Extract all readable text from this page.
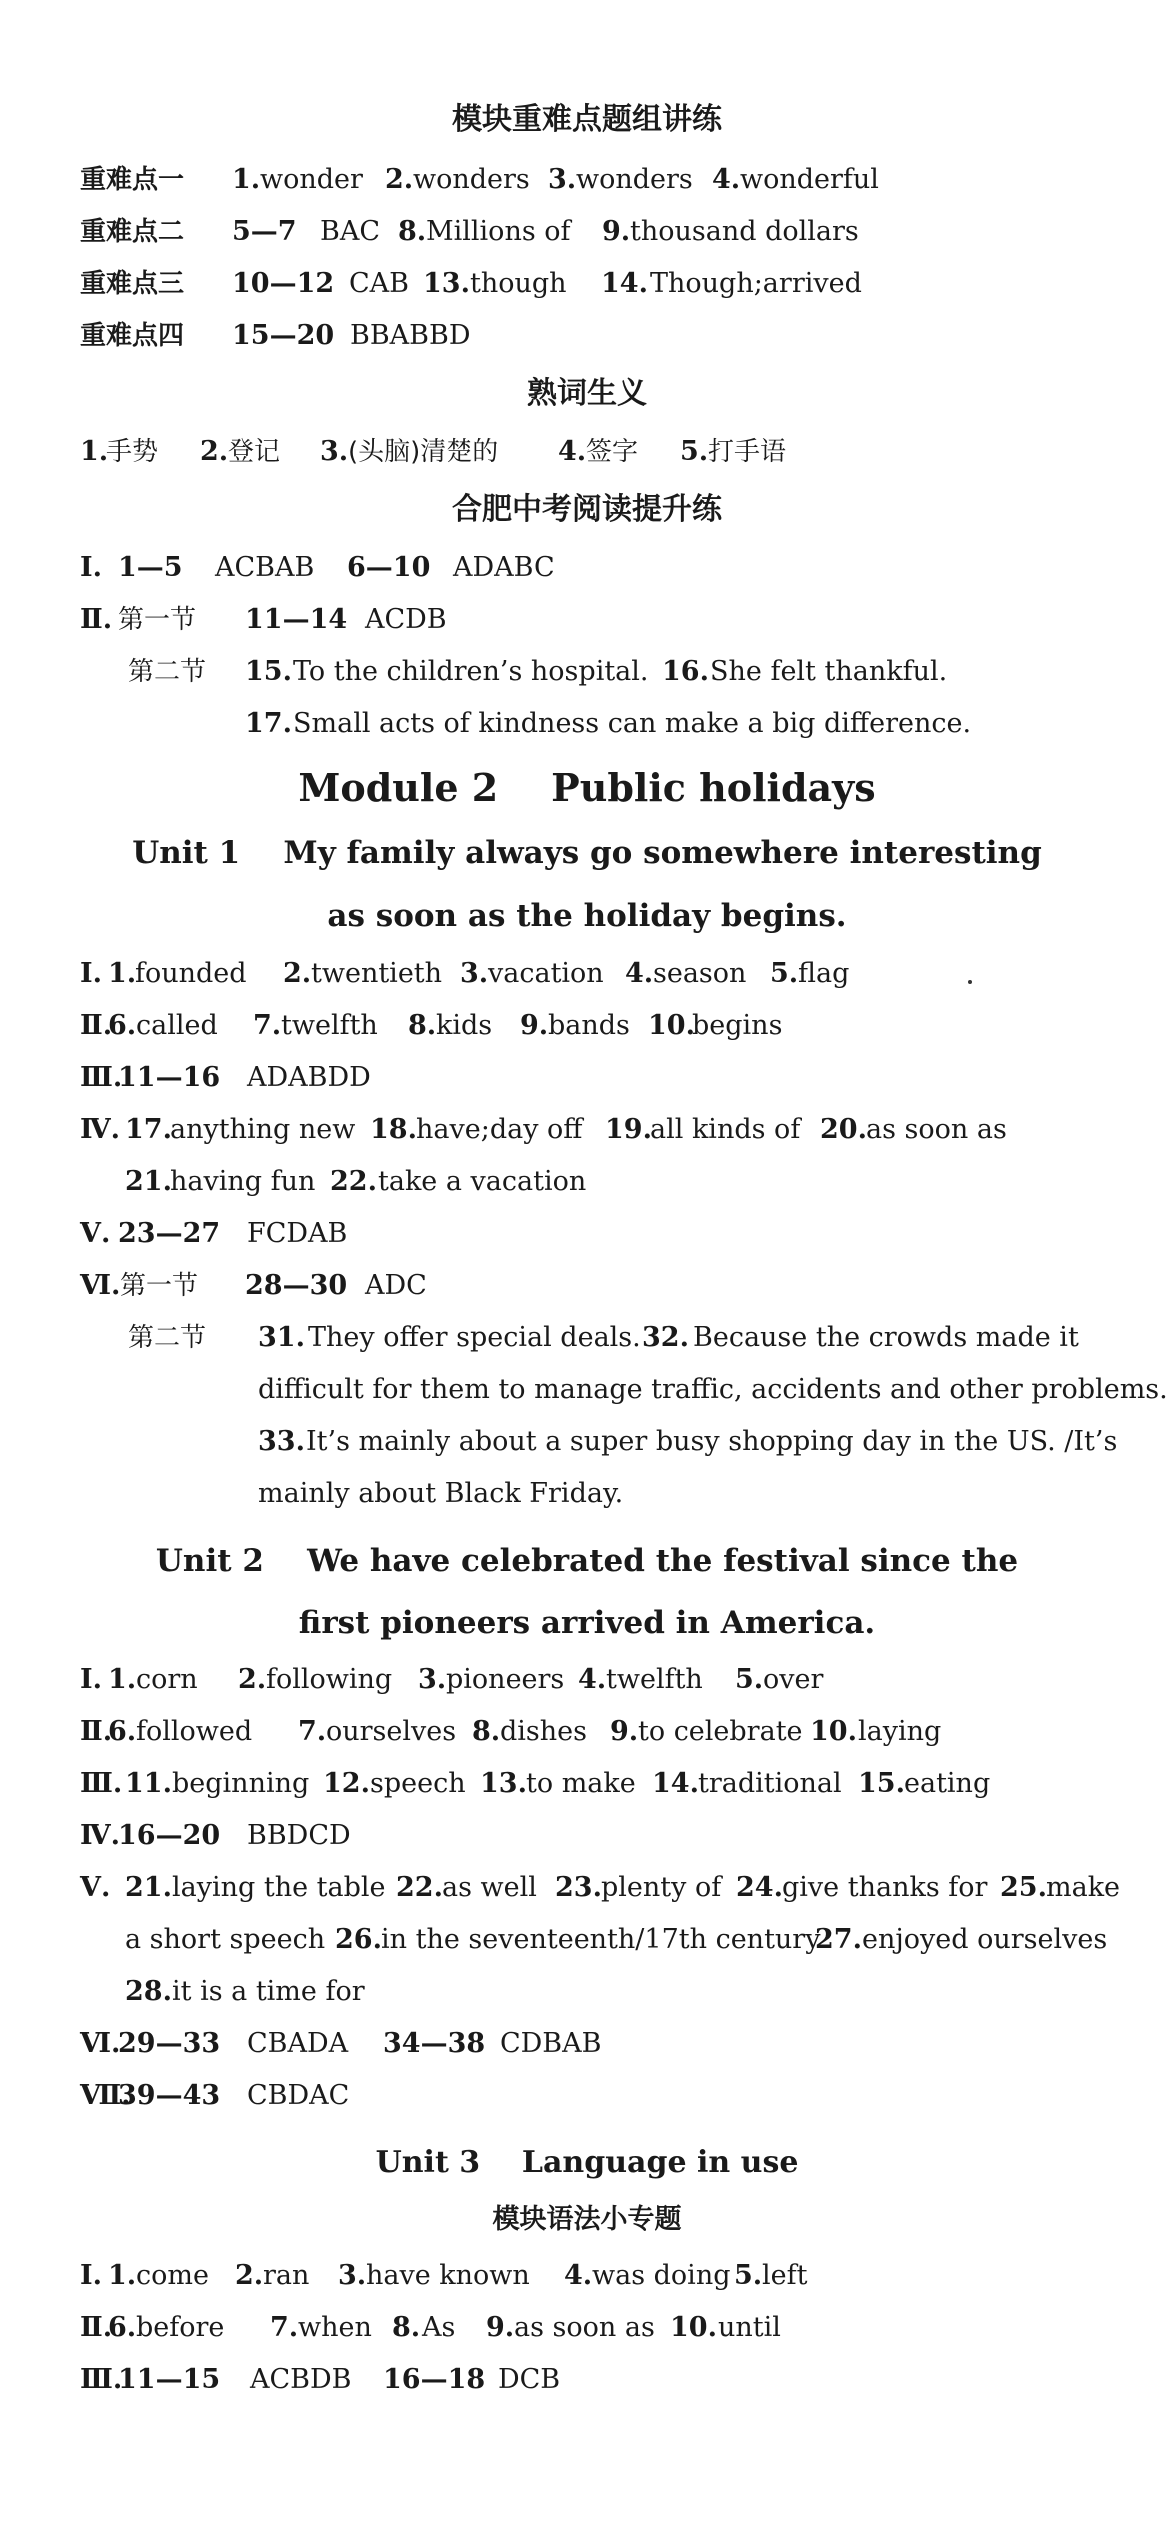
模块重难点题组讲练
重难点一 1. wonder 2. wonders 3. wonders 4. wonderful
重难点二 5—7 BAC 8. Millions of 9. thousand dollars
重难点三 10—12 CAB 13. though 14. Though;arrived
重难点四 15—20 BBABBD
熟词生义
1.
手势 2. 登记 3. (头脑)清楚的 4. 签字 5. 打手语
合肥中考阅读提升练
Ⅰ. 1—5 ACBAB 6—10 ADABC
Ⅱ. 第一节 11—14 ACDB
第二节 15. To the children’s hospital. 16. She felt thankful.
17. Small acts of kindness can make a big difference.
Module 2    Public holidays
Unit 1    My family always go somewhere interesting
as soon as the holiday begins.
Ⅰ. 1.
founded 2. twentieth 3. vacation 4. season 5. flag
Ⅱ.
6. called 7. twelfth 8. kids 9. bands 10.
begins
Ⅲ.
11—16 ADABDD
Ⅳ. 17.
anything new 18. have;day off 19.
all kinds of 20. as soon as
21.
having fun 22. take a vacation
Ⅴ. 23—27 FCDAB
Ⅵ. 第一节 28—30 ADC
第二节 31. They offer special deals. 32. Because the crowds made it
difficult for them to manage traffic, accidents and other problems.
33. It’s mainly about a super busy shopping day in the US. /It’s
mainly about Black Friday.
Unit 2    We have celebrated the festival since the
first pioneers arrived in America.
Ⅰ. 1. corn 2. following 3. pioneers 4. twelfth 5. over
Ⅱ.
6. followed 7. ourselves 8. dishes 9. to celebrate 10. laying
Ⅲ. 11. beginning 12. speech 13. to make 14. traditional 15. eating
Ⅳ.
16—20 BBDCD
Ⅴ. 21. laying the table 22. as well 23. plenty of 24. give thanks for 25. make
a short speech 26. in the seventeenth/17th century
27. enjoyed ourselves
28. it is a time for
Ⅵ.
29—33 CBADA 34—38 CDBAB
Ⅶ.
39—43 CBDAC
Unit 3    Language in use
模块语法小专题
Ⅰ. 1. come 2. ran 3. have known 4. was doing 5. left
Ⅱ.
6. before 7. when 8. As 9. as soon as 10. until
Ⅲ.
11—15 ACBDB 16—18 DCB
